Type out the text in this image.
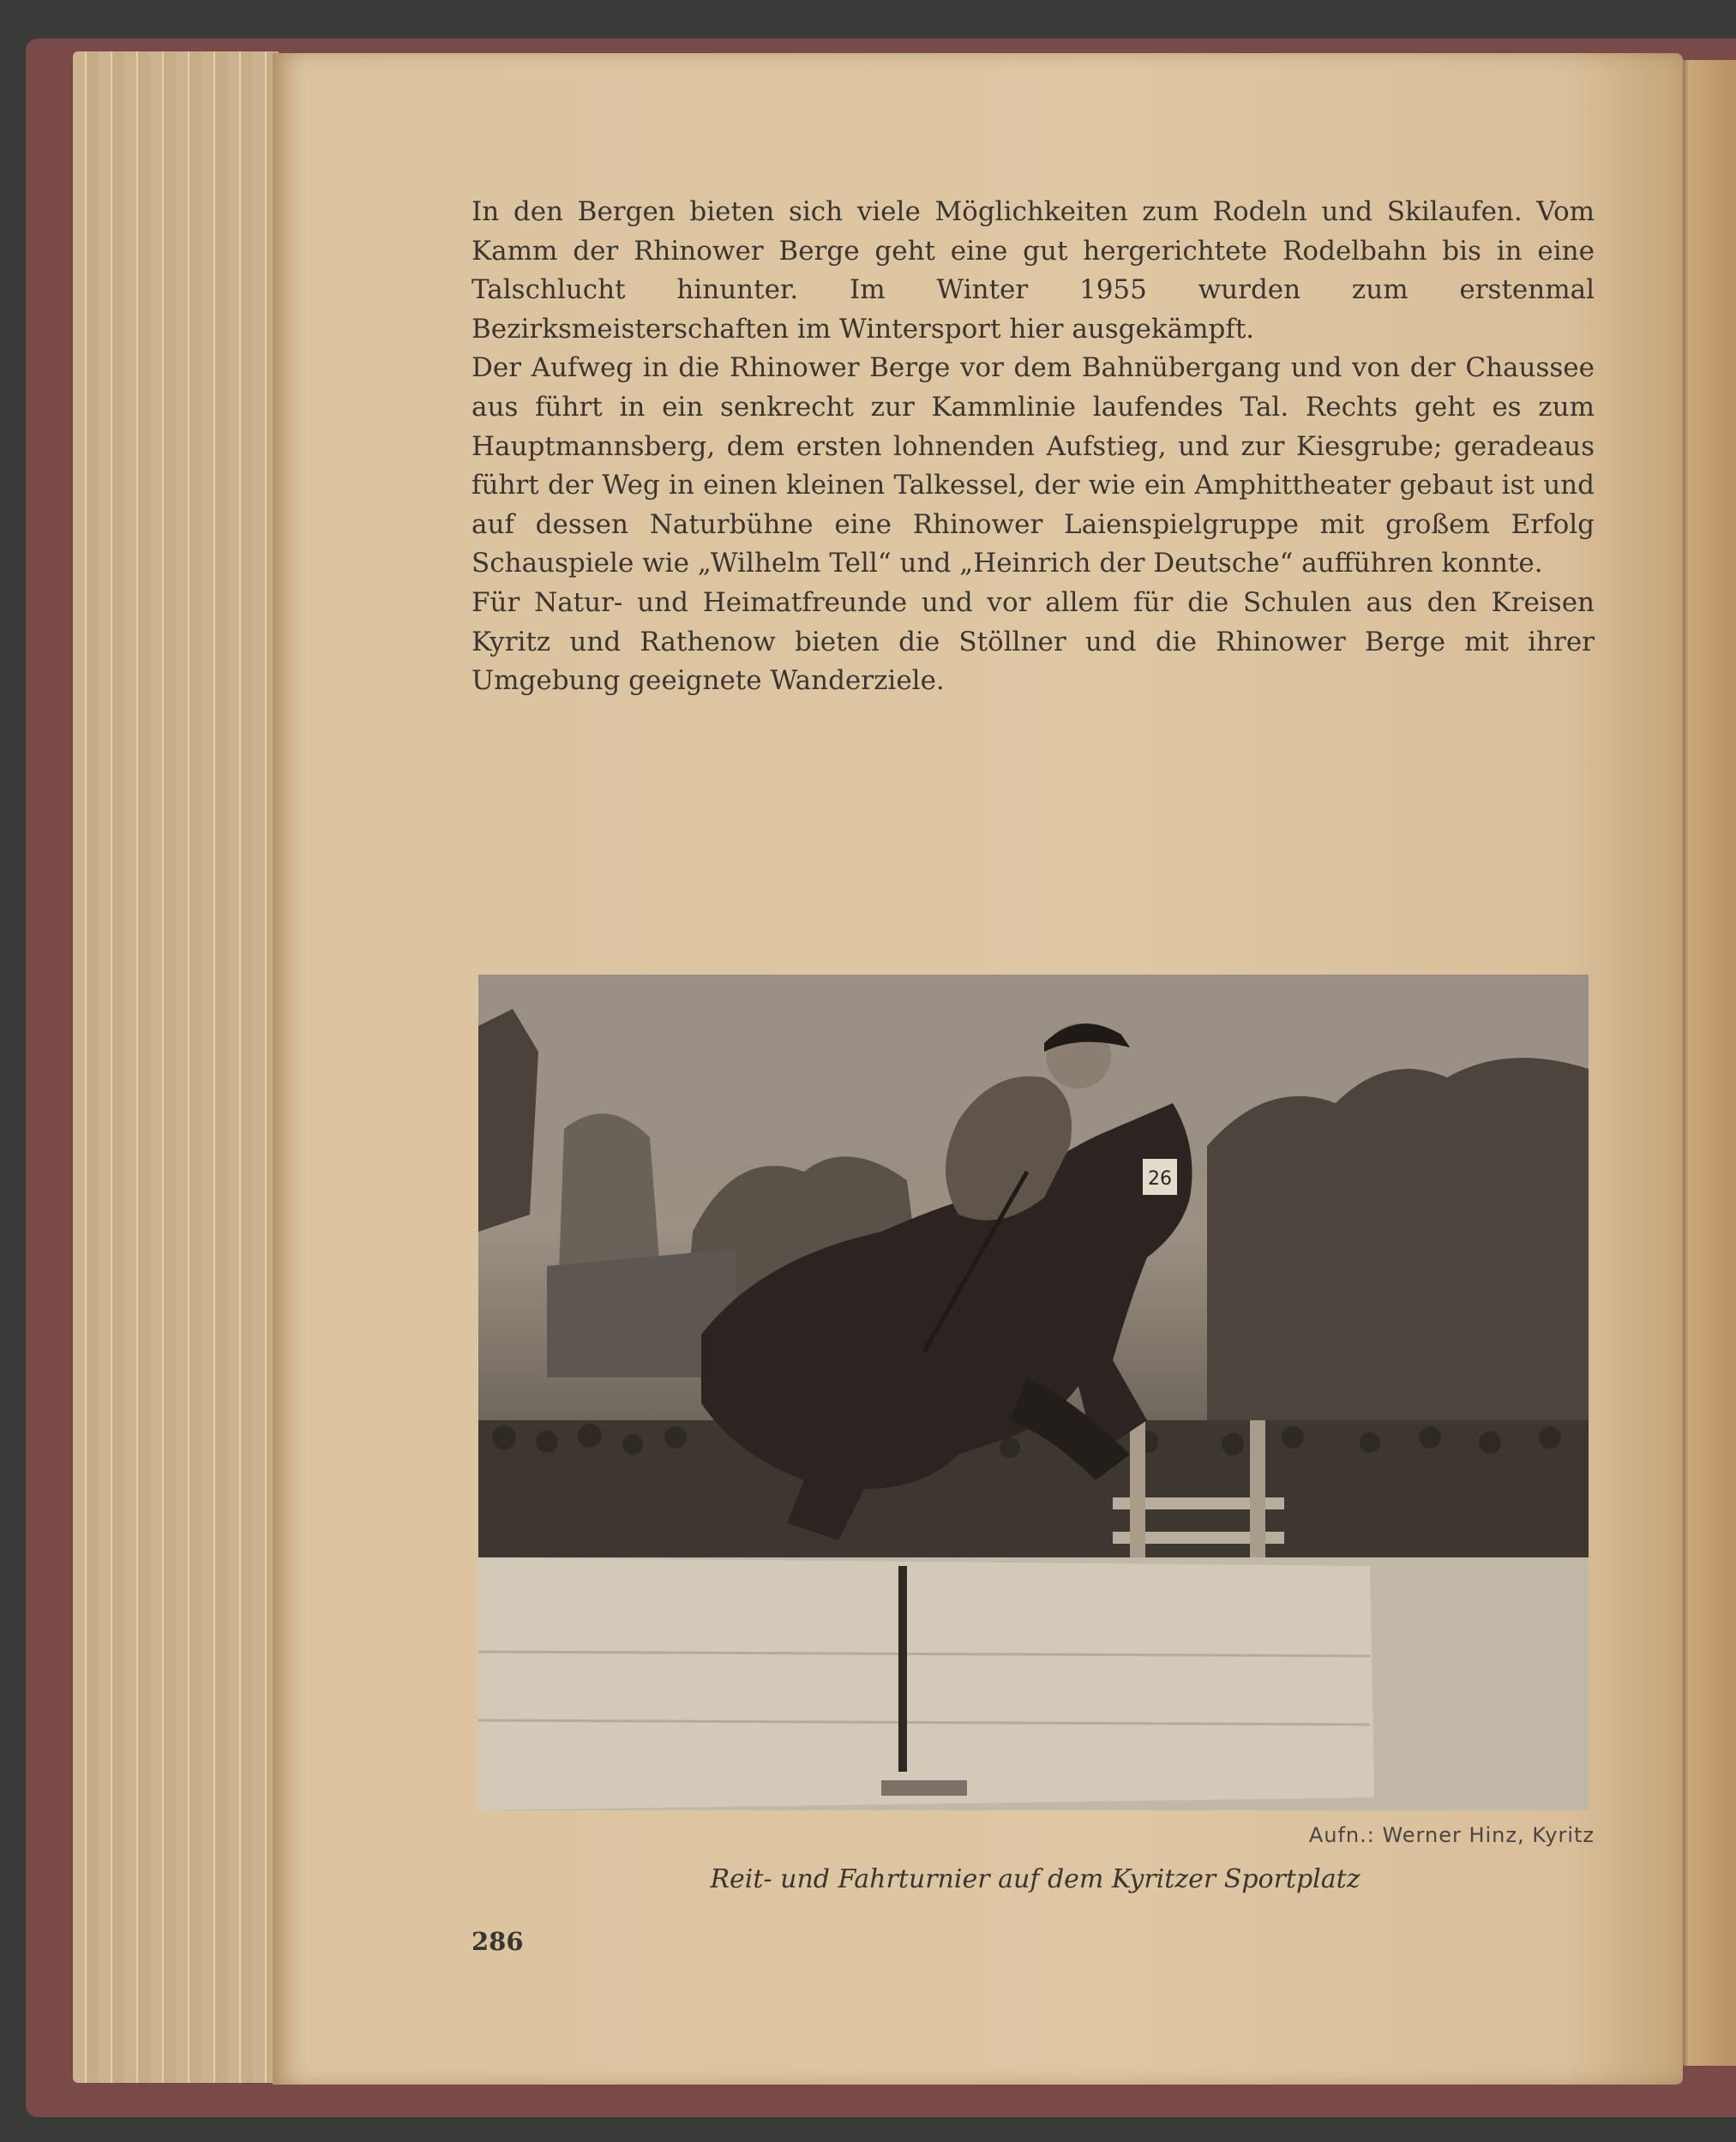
In den Bergen bieten sich viele Möglichkeiten zum Rodeln und Skilaufen. Vom Kamm der Rhinower Berge geht eine gut hergerichtete Rodelbahn bis in eine Talschlucht hinunter. Im Winter 1955 wurden zum erstenmal Bezirksmeisterschaften im Wintersport hier ausgekämpft.

Der Aufweg in die Rhinower Berge vor dem Bahnübergang und von der Chaussee aus führt in ein senkrecht zur Kammlinie laufendes Tal. Rechts geht es zum Hauptmannsberg, dem ersten lohnenden Aufstieg, und zur Kiesgrube; geradeaus führt der Weg in einen kleinen Talkessel, der wie ein Amphittheater gebaut ist und auf dessen Naturbühne eine Rhinower Laienspielgruppe mit großem Erfolg Schauspiele wie „Wilhelm Tell“ und „Heinrich der Deutsche“ aufführen konnte.

Für Natur- und Heimatfreunde und vor allem für die Schulen aus den Kreisen Kyritz und Rathenow bieten die Stöllner und die Rhinower Berge mit ihrer Umgebung geeignete Wanderziele.

26
Aufn.: Werner Hinz, Kyritz
Reit- und Fahrturnier auf dem Kyritzer Sportplatz
286
